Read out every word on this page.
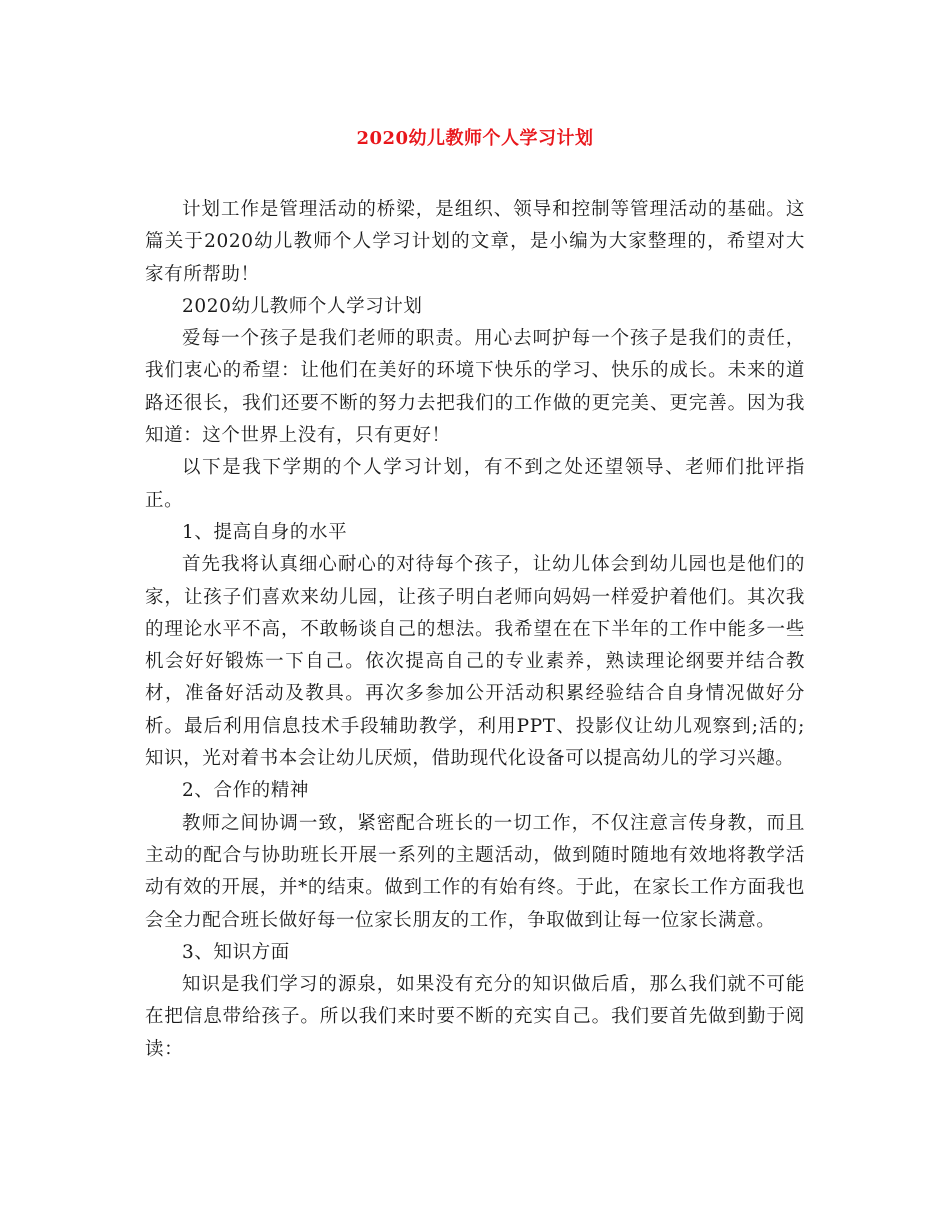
2020幼儿教师个人学习计划

计划工作是管理活动的桥梁，是组织、领导和控制等管理活动的基础。这篇关于2020幼儿教师个人学习计划的文章，是小编为大家整理的，希望对大家有所帮助！

2020幼儿教师个人学习计划

爱每一个孩子是我们老师的职责。用心去呵护每一个孩子是我们的责任，我们衷心的希望：让他们在美好的环境下快乐的学习、快乐的成长。未来的道路还很长，我们还要不断的努力去把我们的工作做的更完美、更完善。因为我知道：这个世界上没有，只有更好！

以下是我下学期的个人学习计划，有不到之处还望领导、老师们批评指正。

1、提高自身的水平

首先我将认真细心耐心的对待每个孩子，让幼儿体会到幼儿园也是他们的家，让孩子们喜欢来幼儿园，让孩子明白老师向妈妈一样爱护着他们。其次我的理论水平不高，不敢畅谈自己的想法。我希望在在下半年的工作中能多一些机会好好锻炼一下自己。依次提高自己的专业素养，熟读理论纲要并结合教材，准备好活动及教具。再次多参加公开活动积累经验结合自身情况做好分析。最后利用信息技术手段辅助教学，利用PPT、投影仪让幼儿观察到;活的;知识，光对着书本会让幼儿厌烦，借助现代化设备可以提高幼儿的学习兴趣。

2、合作的精神

教师之间协调一致，紧密配合班长的一切工作，不仅注意言传身教，而且主动的配合与协助班长开展一系列的主题活动，做到随时随地有效地将教学活动有效的开展，并*的结束。做到工作的有始有终。于此，在家长工作方面我也会全力配合班长做好每一位家长朋友的工作，争取做到让每一位家长满意。

3、知识方面

知识是我们学习的源泉，如果没有充分的知识做后盾，那么我们就不可能在把信息带给孩子。所以我们来时要不断的充实自己。我们要首先做到勤于阅读：
